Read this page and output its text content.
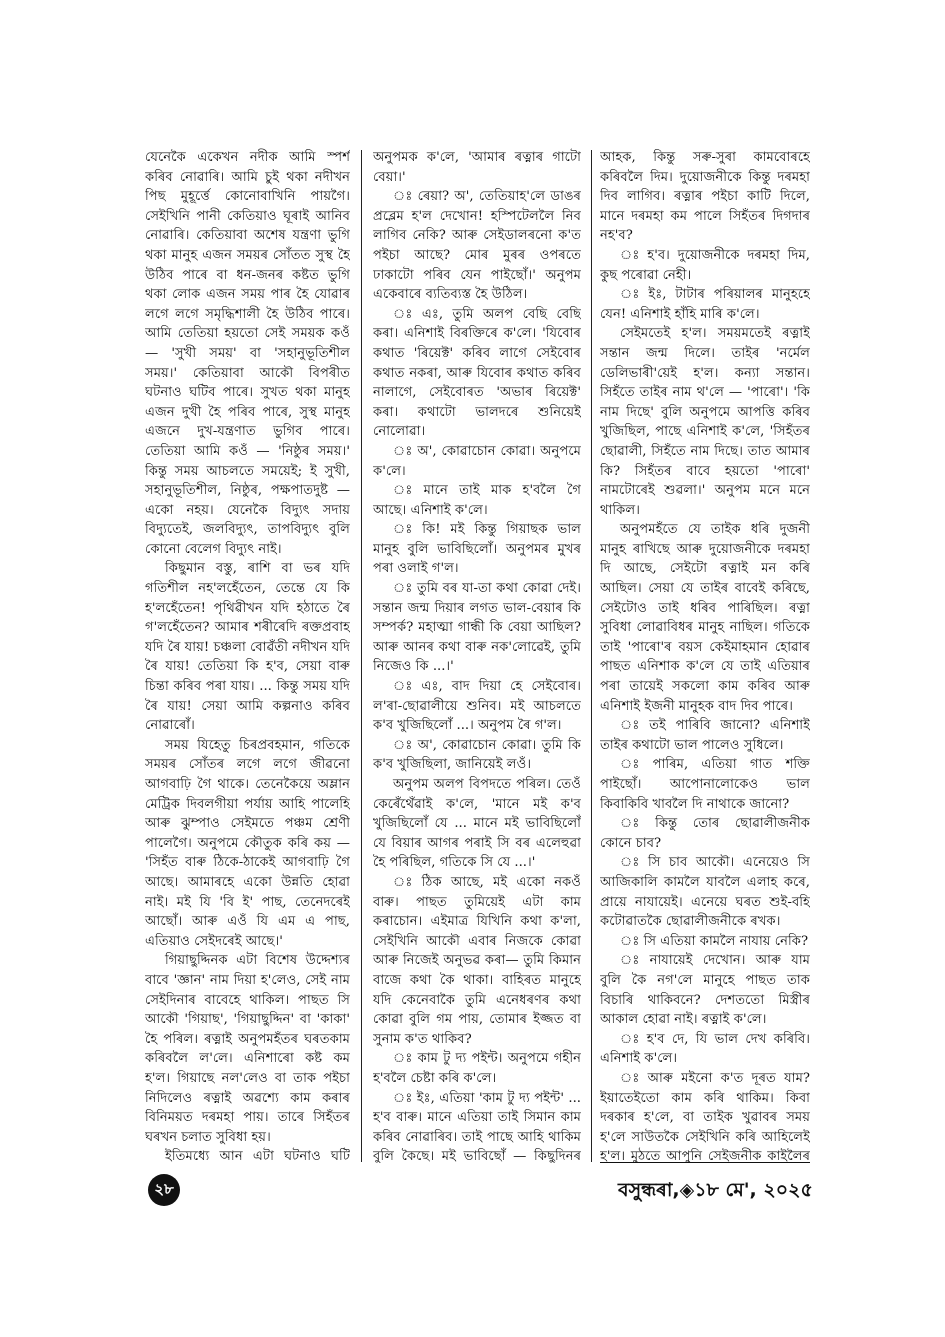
যেনেকৈ একেখন নদীক আমি স্পৰ্শ কৰিব নোৱাৰি। আমি চুই থকা নদীখন পিছ মুহূৰ্ত্তে কোনোবাখিনি পায়গৈ। সেইখিনি পানী কেতিয়াও ঘূৰাই আনিব নোৱাৰি। কেতিয়াবা অশেষ যন্ত্ৰণা ভুগি থকা মানুহ এজন সময়ৰ সোঁতত সুস্থ হৈ উঠিব পাৰে বা ধন-জনৰ কষ্টত ভুগি থকা লোক এজন সময় পাৰ হৈ যোৱাৰ লগে লগে সমৃদ্ধিশালী হৈ উঠিব পাৰে। আমি তেতিয়া হয়তো সেই সময়ক কওঁ — 'সুখী সময়' বা 'সহানুভূতিশীল সময়।' কেতিয়াবা আকৌ বিপৰীত ঘটনাও ঘটিব পাৰে। সুখত থকা মানুহ এজন দুখী হৈ পৰিব পাৰে, সুস্থ মানুহ এজনে দুখ-যন্ত্ৰণাত ভুগিব পাৰে। তেতিয়া আমি কওঁ — 'নিষ্ঠুৰ সময়।' কিন্তু সময় আচলতে সময়েই; ই সুখী, সহানুভূতিশীল, নিষ্ঠুৰ, পক্ষপাতদুষ্ট — একো নহয়। যেনেকৈ বিদ্যুৎ সদায় বিদ্যুতেই, জলবিদ্যুৎ, তাপবিদ্যুৎ বুলি কোনো বেলেগ বিদ্যুৎ নাই।

কিছুমান বস্তু, ৰাশি বা ভৰ যদি গতিশীল নহ'লহেঁতেন, তেন্তে যে কি হ'লহেঁতেন! পৃথিৱীখন যদি হঠাতে ৰৈ গ'লহেঁতেন? আমাৰ শৰীৰেদি ৰক্তপ্ৰবাহ যদি ৰৈ যায়! চঞ্চলা বোৱঁতী নদীখন যদি ৰৈ যায়! তেতিয়া কি হ'ব, সেয়া বাৰু চিন্তা কৰিব পৰা যায়। ... কিন্তু সময় যদি ৰৈ যায়! সেয়া আমি কল্পনাও কৰিব নোৱাৰোঁ।

সময় যিহেতু চিৰপ্ৰবহমান, গতিকে সময়ৰ সোঁতৰ লগে লগে জীৱনো আগবাঢ়ি গৈ থাকে। তেনেকৈয়ে অম্লান মেট্ৰিক দিবলগীয়া পৰ্যায় আহি পালেহি আৰু ঝুম্পাও সেইমতে পঞ্চম শ্ৰেণী পালেগৈ। অনুপমে কৌতুক কৰি কয় — 'সিহঁত বাৰু ঠিকে-ঠাকেই আগবাঢ়ি গৈ আছে। আমাৰহে একো উন্নতি হোৱা নাই। মই যি 'বি ই' পাছ, তেনেদৰেই আছোঁ। আৰু এওঁ যি এম এ পাছ, এতিয়াও সেইদৰেই আছে।'

গিয়াছুদ্দিনক এটা বিশেষ উদ্দেশ্যৰ বাবে 'জ্ঞান' নাম দিয়া হ'লেও, সেই নাম সেইদিনাৰ বাবেহে থাকিল। পাছত সি আকৌ 'গিয়াছ', 'গিয়াছুদ্দিন' বা 'কাকা' হৈ পৰিল। ৰত্নাই অনুপমহঁতৰ ঘৰতকাম কৰিবলৈ ল'লে। এনিশাৰো কষ্ট কম হ'ল। গিয়াছে নল'লেও বা তাক পইচা নিদিলেও ৰত্নাই অৱশ্যে কাম কৰাৰ বিনিময়ত দৰমহা পায়। তাৰে সিহঁতৰ ঘৰখন চলাত সুবিধা হয়।

ইতিমধ্যে আন এটা ঘটনাও ঘটি

অনুপমক ক'লে, 'আমাৰ ৰত্নাৰ গাটো বেয়া।'

ঃ ৰেয়া? অ', তেতিয়াহ'লে ডাঙৰ প্ৰব্লেম হ'ল দেখোন! হস্পিটেললৈ নিব লাগিব নেকি? আৰু সেইডালৰনো ক'ত পইচা আছে? মোৰ মুৰৰ ওপৰতে ঢাকাটো পৰিব যেন পাইছোঁ।' অনুপম একেবাৰে ব্যতিব্যস্ত হৈ উঠিল।

ঃ এঃ, তুমি অলপ বেছি বেছি কৰা। এনিশাই বিৰক্তিৰে ক'লে। 'যিবোৰ কথাত 'ৰিয়েক্ট' কৰিব লাগে সেইবোৰ কথাত নকৰা, আৰু যিবোৰ কথাত কৰিব নালাগে, সেইবোৰত 'অভাৰ ৰিয়েক্ট' কৰা। কথাটো ভালদৰে শুনিয়েই নোলোৱা।

ঃ অ', কোৱাচোন কোৱা। অনুপমে ক'লে।

ঃ মানে তাই মাক হ'বলৈ গৈ আছে। এনিশাই ক'লে।

ঃ কি! মই কিন্তু গিয়াছক ভাল মানুহ বুলি ভাবিছিলোঁ। অনুপমৰ মুখৰ পৰা ওলাই গ'ল।

ঃ তুমি বৰ যা-তা কথা কোৱা দেই। সন্তান জন্ম দিয়াৰ লগত ভাল-বেয়াৰ কি সম্পৰ্ক? মহাত্মা গান্ধী কি বেয়া আছিল? আৰু আনৰ কথা বাৰু নক'লোৱেই, তুমি নিজেও কি ...।'

ঃ এঃ, বাদ দিয়া হে সেইবোৰ। ল'ৰা-ছোৱালীয়ে শুনিব। মই আচলতে ক'ব খুজিছিলোঁ ...। অনুপম ৰৈ গ'ল।

ঃ অ', কোৱাচোন কোৱা। তুমি কি ক'ব খুজিছিলা, জানিয়েই লওঁ।

অনুপম অলপ বিপদতে পৰিল। তেওঁ কেৰেঁথেঁৱাই ক'লে, 'মানে মই ক'ব খুজিছিলোঁ যে ... মানে মই ভাবিছিলোঁ যে বিয়াৰ আগৰ পৰাই সি বৰ এলেহুৱা হৈ পৰিছিল, গতিকে সি যে ...।'

ঃ ঠিক আছে, মই একো নকওঁ বাৰু। পাছত তুমিয়েই এটা কাম কৰাচোন। এইমাত্ৰ যিখিনি কথা ক'লা, সেইখিনি আকৌ এবাৰ নিজকে কোৱা আৰু নিজেই অনুভৱ কৰা— তুমি কিমান বাজে কথা কৈ থাকা। বাহিৰত মানুহে যদি কেনেবাকৈ তুমি এনেধৰণৰ কথা কোৱা বুলি গম পায়, তোমাৰ ইজ্জত বা সুনাম ক'ত থাকিব?

ঃ কাম টু দ্য পইন্ট। অনুপমে গহীন হ'বলৈ চেষ্টা কৰি ক'লে।

ঃ ইঃ, এতিয়া 'কাম টু দ্য পইন্ট' ... হ'ব বাৰু। মানে এতিয়া তাই সিমান কাম কৰিব নোৱাৰিব। তাই পাছে আহি থাকিম বুলি কৈছে। মই ভাবিছোঁ — কিছুদিনৰ

আহক, কিন্তু সৰু-সুৰা কামবোৰহে কৰিবলৈ দিম। দুয়োজনীকে কিন্তু দৰমহা দিব লাগিব। ৰত্নাৰ পইচা কাটি দিলে, মানে দৰমহা কম পালে সিহঁতৰ দিগদাৰ নহ'ব?

ঃ হ'ব। দুয়োজনীকে দৰমহা দিম, কুছ পৰোৱা নেহী।

ঃ ইঃ, টাটাৰ পৰিয়ালৰ মানুহহে যেন! এনিশাই হাঁহি মাৰি ক'লে।

সেইমতেই হ'ল। সময়মতেই ৰত্নাই সন্তান জন্ম দিলে। তাইৰ 'নৰ্মেল ডেলিভাৰী'য়েই হ'ল। কন্যা সন্তান। সিহঁতে তাইৰ নাম থ'লে — 'পাৰো'। 'কি নাম দিছে' বুলি অনুপমে আপত্তি কৰিব খুজিছিল, পাছে এনিশাই ক'লে, 'সিহঁতৰ ছোৱালী, সিহঁতে নাম দিছে। তাত আমাৰ কি? সিহঁতৰ বাবে হয়তো 'পাৰো' নামটোৰেই শুৱলা।' অনুপম মনে মনে থাকিল।

অনুপমহঁতে যে তাইক ধৰি দুজনী মানুহ ৰাখিছে আৰু দুয়োজনীকে দৰমহা দি আছে, সেইটো ৰত্নাই মন কৰি আছিল। সেয়া যে তাইৰ বাবেই কৰিছে, সেইটোও তাই ধৰিব পাৰিছিল। ৰত্না সুবিধা লোৱাবিধৰ মানুহ নাছিল। গতিকে তাই 'পাৰো'ৰ বয়স কেইমাহমান হোৱাৰ পাছত এনিশাক ক'লে যে তাই এতিয়াৰ পৰা তায়েই সকলো কাম কৰিব আৰু এনিশাই ইজনী মানুহক বাদ দিব পাৰে।

ঃ তই পাৰিবি জানো? এনিশাই তাইৰ কথাটো ভাল পালেও সুধিলে।

ঃ পাৰিম, এতিয়া গাত শক্তি পাইছোঁ। আপোনালোকেও ভাল কিবাকিবি খাবলৈ দি নাথাকে জানো?

ঃ কিন্তু তোৰ ছোৱালীজনীক কোনে চাব?

ঃ সি চাব আকৌ। এনেয়েও সি আজিকালি কামলৈ যাবলৈ এলাহ কৰে, প্ৰায়ে নাযায়েই। এনেয়ে ঘৰত শুই-বহি কটোৱাতকৈ ছোৱালীজনীকে ৰখক।

ঃ সি এতিয়া কামলৈ নাযায় নেকি?

ঃ নাযায়েই দেখোন। আৰু যাম বুলি কৈ নগ'লে মানুহে পাছত তাক বিচাৰি থাকিবনে? দেশততো মিস্ত্ৰীৰ আকাল হোৱা নাই। ৰত্নাই ক'লে।

ঃ হ'ব দে, যি ভাল দেখ কৰিবি। এনিশাই ক'লে।

ঃ আৰু মইনো ক'ত দূৰত যাম? ইয়াতেইতো কাম কৰি থাকিম। কিবা দৰকাৰ হ'লে, বা তাইক খুৱাবৰ সময় হ'লে সাউতকৈ সেইখিনি কৰি আহিলেই হ'ল। মুঠতে আপুনি সেইজনীক কাইলৈৰ

২৮	বসুন্ধৰা,◈১৮ মে', ২০২৫
